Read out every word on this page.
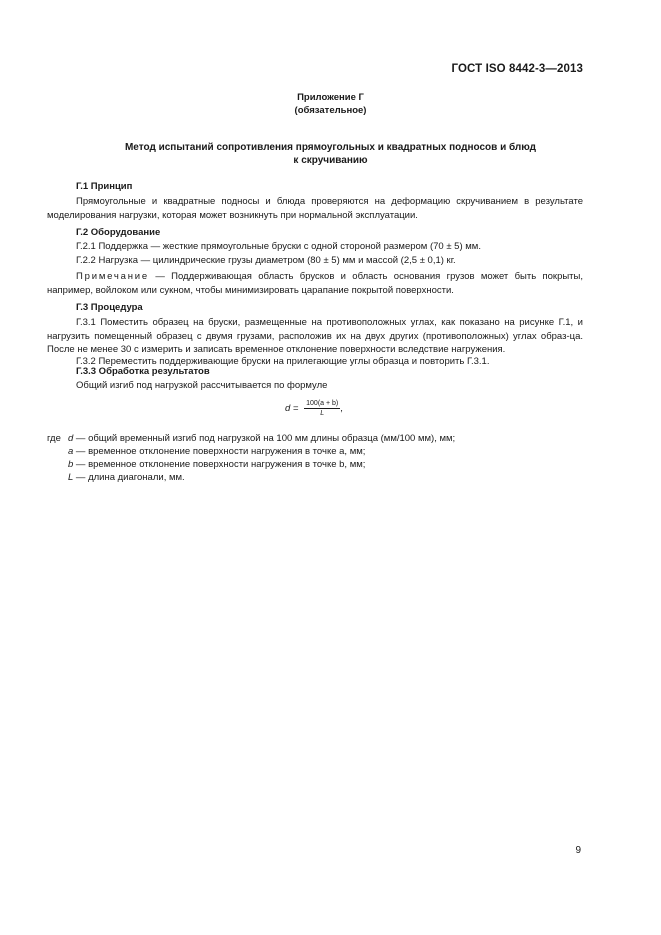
ГОСТ ISO 8442-3—2013
Приложение Г
(обязательное)
Метод испытаний сопротивления прямоугольных и квадратных подносов и блюд
к скручиванию
Г.1 Принцип
Прямоугольные и квадратные подносы и блюда проверяются на деформацию скручиванием в результате моделирования нагрузки, которая может возникнуть при нормальной эксплуатации.
Г.2 Оборудование
Г.2.1 Поддержка — жесткие прямоугольные бруски с одной стороной размером (70 ± 5) мм.
Г.2.2 Нагрузка — цилиндрические грузы диаметром (80 ± 5) мм и массой (2,5 ± 0,1) кг.
Примечание — Поддерживающая область брусков и область основания грузов может быть покрыты, например, войлоком или сукном, чтобы минимизировать царапание покрытой поверхности.
Г.3 Процедура
Г.3.1 Поместить образец на бруски, размещенные на противоположных углах, как показано на рисунке Г.1, и нагрузить помещенный образец с двумя грузами, расположив их на двух других (противоположных) углах образ-ца. После не менее 30 с измерить и записать временное отклонение поверхности вследствие нагружения.
Г.3.2 Переместить поддерживающие бруски на прилегающие углы образца и повторить Г.3.1.
Г.3.3 Обработка результатов
Общий изгиб под нагрузкой рассчитывается по формуле
$d = \frac{100(a + b)}{L}$ ,
где d — общий временный изгиб под нагрузкой на 100 мм длины образца (мм/100 мм), мм;
a — временное отклонение поверхности нагружения в точке а, мм;
b — временное отклонение поверхности нагружения в точке b, мм;
L — длина диагонали, мм.
9
